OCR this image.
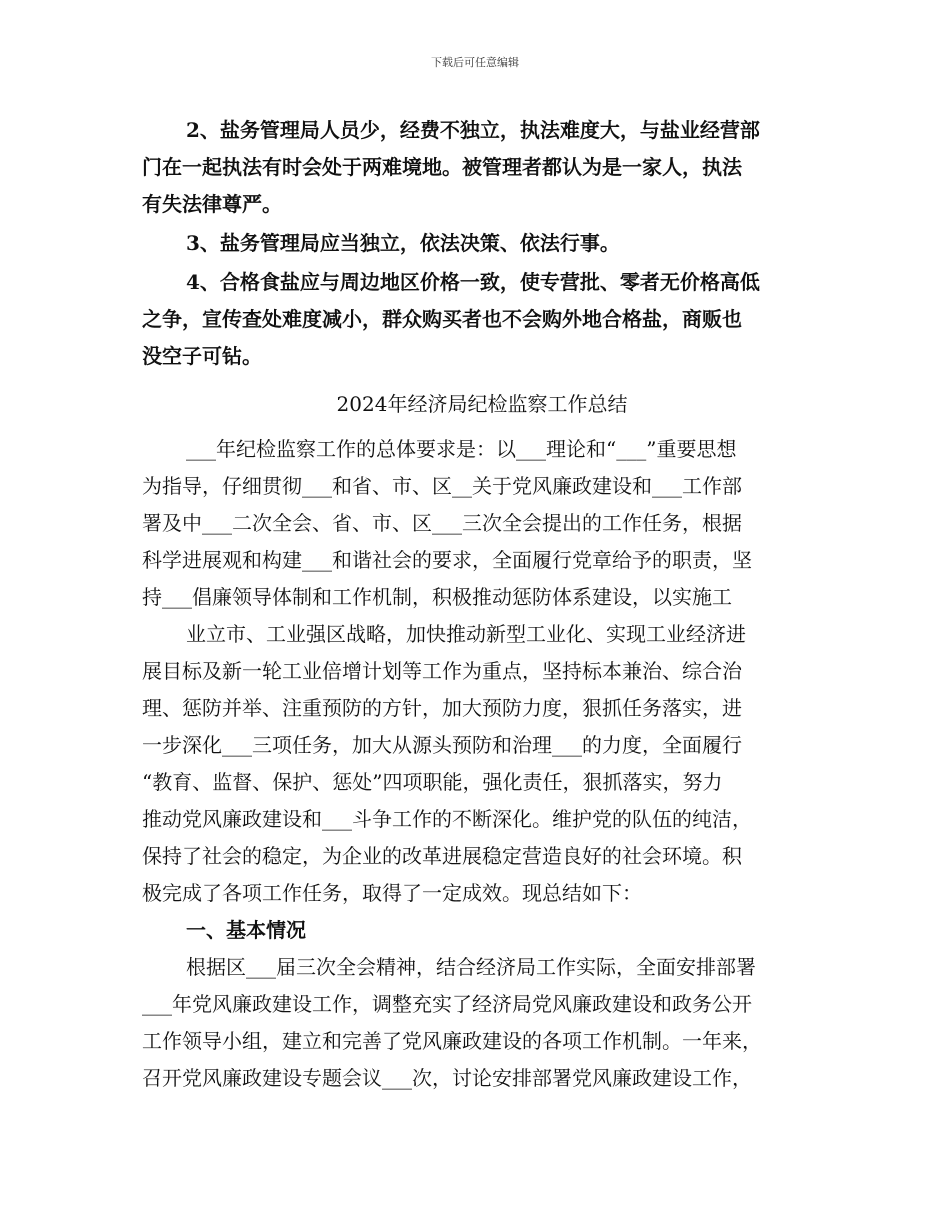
下载后可任意编辑
2、盐务管理局人员少，经费不独立，执法难度大，与盐业经营部
门在一起执法有时会处于两难境地。被管理者都认为是一家人，执法
有失法律尊严。
3、盐务管理局应当独立，依法决策、依法行事。
4、合格食盐应与周边地区价格一致，使专营批、零者无价格高低
之争，宣传查处难度减小，群众购买者也不会购外地合格盐，商贩也
没空子可钻。
2024年经济局纪检监察工作总结
___年纪检监察工作的总体要求是：以___理论和“___”重要思想
为指导，仔细贯彻___和省、市、区__关于党风廉政建设和___工作部
署及中___二次全会、省、市、区___三次全会提出的工作任务，根据
科学进展观和构建___和谐社会的要求，全面履行党章给予的职责，坚
持___倡廉领导体制和工作机制，积极推动惩防体系建设，以实施工
业立市、工业强区战略，加快推动新型工业化、实现工业经济进
展目标及新一轮工业倍增计划等工作为重点，坚持标本兼治、综合治
理、惩防并举、注重预防的方针，加大预防力度，狠抓任务落实，进
一步深化___三项任务，加大从源头预防和治理___的力度，全面履行
“教育、监督、保护、惩处”四项职能，强化责任，狠抓落实，努力
推动党风廉政建设和___斗争工作的不断深化。维护党的队伍的纯洁，
保持了社会的稳定，为企业的改革进展稳定营造良好的社会环境。积
极完成了各项工作任务，取得了一定成效。现总结如下：
一、基本情况
根据区___届三次全会精神，结合经济局工作实际，全面安排部署
___年党风廉政建设工作，调整充实了经济局党风廉政建设和政务公开
工作领导小组，建立和完善了党风廉政建设的各项工作机制。一年来，
召开党风廉政建设专题会议___次，讨论安排部署党风廉政建设工作，
